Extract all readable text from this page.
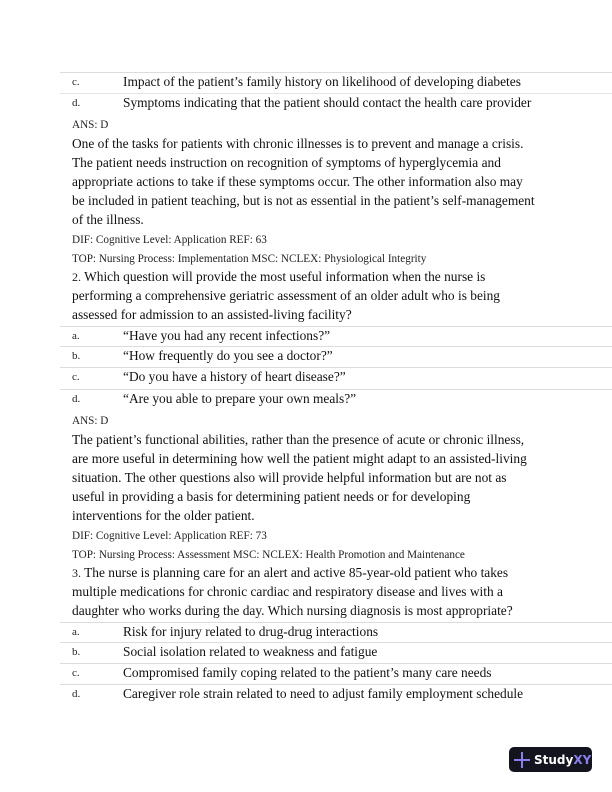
c.	Impact of the patient’s family history on likelihood of developing diabetes
d.	Symptoms indicating that the patient should contact the health care provider
ANS: D
One of the tasks for patients with chronic illnesses is to prevent and manage a crisis.
The patient needs instruction on recognition of symptoms of hyperglycemia and
appropriate actions to take if these symptoms occur. The other information also may
be included in patient teaching, but is not as essential in the patient’s self-management
of the illness.
DIF: Cognitive Level: Application REF: 63
TOP: Nursing Process: Implementation MSC: NCLEX: Physiological Integrity
2. Which question will provide the most useful information when the nurse is
performing a comprehensive geriatric assessment of an older adult who is being
assessed for admission to an assisted-living facility?
a.	“Have you had any recent infections?”
b.	“How frequently do you see a doctor?”
c.	“Do you have a history of heart disease?”
d.	“Are you able to prepare your own meals?”
ANS: D
The patient’s functional abilities, rather than the presence of acute or chronic illness,
are more useful in determining how well the patient might adapt to an assisted-living
situation. The other questions also will provide helpful information but are not as
useful in providing a basis for determining patient needs or for developing
interventions for the older patient.
DIF: Cognitive Level: Application REF: 73
TOP: Nursing Process: Assessment MSC: NCLEX: Health Promotion and Maintenance
3. The nurse is planning care for an alert and active 85-year-old patient who takes
multiple medications for chronic cardiac and respiratory disease and lives with a
daughter who works during the day. Which nursing diagnosis is most appropriate?
a.	Risk for injury related to drug-drug interactions
b.	Social isolation related to weakness and fatigue
c.	Compromised family coping related to the patient’s many care needs
d.	Caregiver role strain related to need to adjust family employment schedule
Study XY
